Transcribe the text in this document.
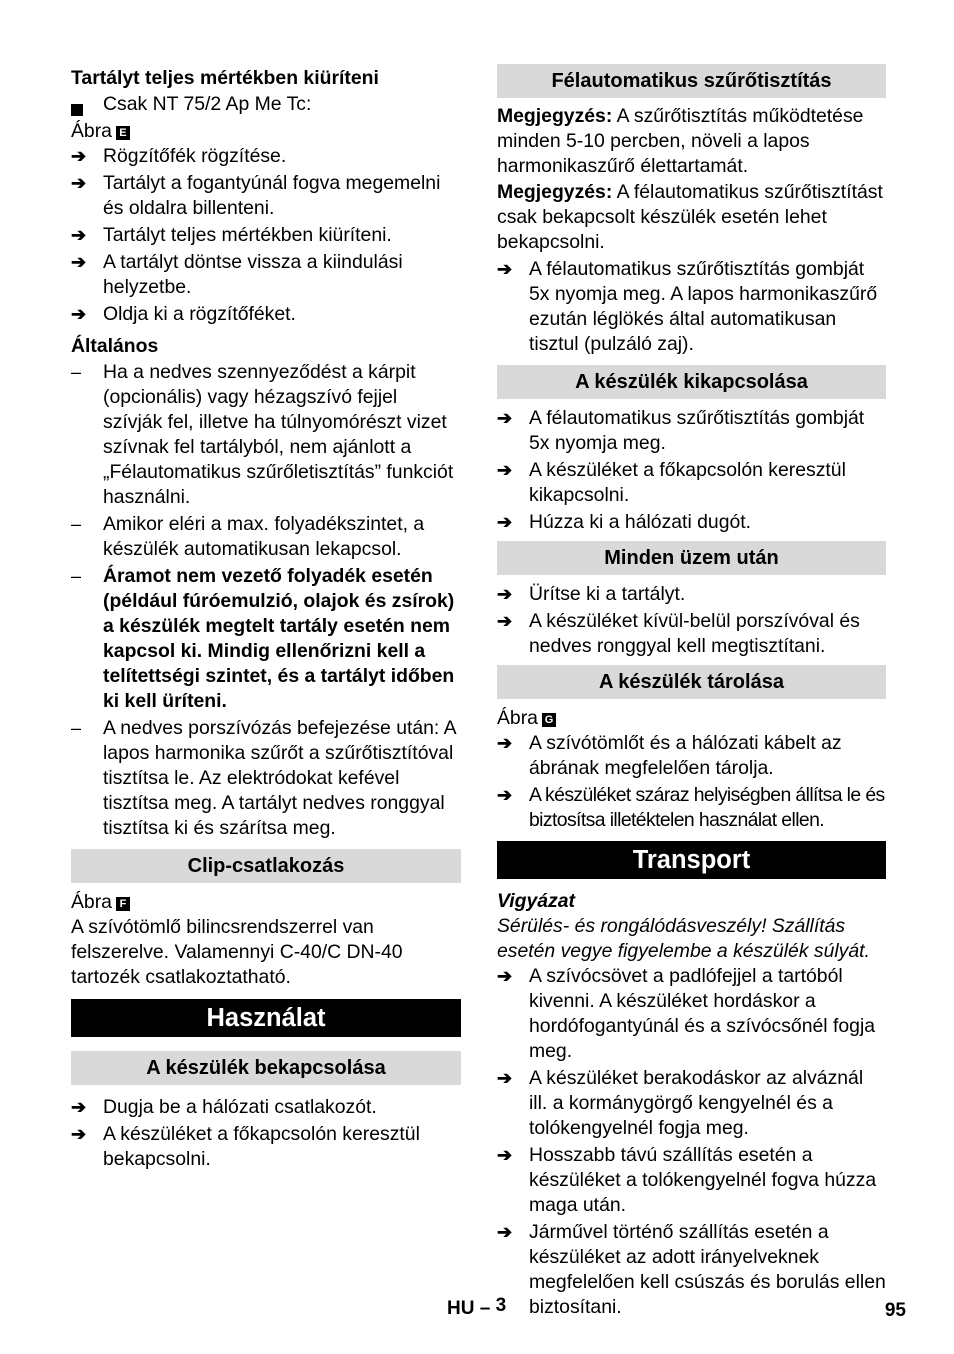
Tartályt teljes mértékben kiüríteni

Csak NT 75/2 Ap Me Tc:

Ábra E

➔ Rögzítőfék rögzítése.
➔ Tartályt a fogantyúnál fogva megemelni és oldalra billenteni.
➔ Tartályt teljes mértékben kiüríteni.
➔ A tartályt döntse vissza a kiindulási helyzetbe.
➔ Oldja ki a rögzítőféket.

Általános

– Ha a nedves szennyeződést a kárpit (opcionális) vagy hézagszívó fejjel szívják fel, illetve ha túlnyomórészt vizet szívnak fel tartályból, nem ajánlott a „Félautomatikus szűrőletisztítás” funkciót használni.
– Amikor eléri a max. folyadékszintet, a készülék automatikusan lekapcsol.
– Áramot nem vezető folyadék esetén (például fúróemulzió, olajok és zsírok) a készülék megtelt tartály esetén nem kapcsol ki. Mindig ellenőrizni kell a telítettségi szintet, és a tartályt időben ki kell üríteni.
– A nedves porszívózás befejezése után: A lapos harmonika szűrőt a szűrőtisztítóval tisztítsa le. Az elektródokat kefével tisztítsa meg. A tartályt nedves ronggyal tisztítsa ki és szárítsa meg.
Clip-csatlakozás

Ábra F

A szívótömlő bilincsrendszerrel van felszerelve. Valamennyi C-40/C DN-40 tartozék csatlakoztatható.

Használat
A készülék bekapcsolása
➔ Dugja be a hálózati csatlakozót.
➔ A készüléket a főkapcsolón keresztül bekapcsolni.
Félautomatikus szűrőtisztítás

Megjegyzés: A szűrőtisztítás működtetése minden 5-10 percben, növeli a lapos harmonikaszűrő élettartamát.

Megjegyzés: A félautomatikus szűrőtisztítást csak bekapcsolt készülék esetén lehet bekapcsolni.

➔ A félautomatikus szűrőtisztítás gombját 5x nyomja meg. A lapos harmonikaszűrő ezután léglökés által automatikusan tisztul (pulzáló zaj).
A készülék kikapcsolása
➔ A félautomatikus szűrőtisztítás gombját 5x nyomja meg.
➔ A készüléket a főkapcsolón keresztül kikapcsolni.
➔ Húzza ki a hálózati dugót.
Minden üzem után
➔ Ürítse ki a tartályt.
➔ A készüléket kívül-belül porszívóval és nedves ronggyal kell megtisztítani.
A készülék tárolása

Ábra G

➔ A szívótömlőt és a hálózati kábelt az ábrának megfelelően tárolja.
➔ A készüléket száraz helyiségben állítsa le és biztosítsa illetéktelen használat ellen.
Transport

Vigyázat

Sérülés- és rongálódásveszély! Szállítás esetén vegye figyelembe a készülék súlyát.

➔ A szívócsövet a padlófejjel a tartóból kivenni. A készüléket hordáskor a hordófogantyúnál és a szívócsőnél fogja meg.
➔ A készüléket berakodáskor az alváznál ill. a kormánygörgő kengyelnél és a tolókengyelnél fogja meg.
➔ Hosszabb távú szállítás esetén a készüléket a tolókengyelnél fogva húzza maga után.
➔ Járművel történő szállítás esetén a készüléket az adott irányelveknek megfelelően kell csúszás és borulás ellen biztosítani.
HU – 3	95
